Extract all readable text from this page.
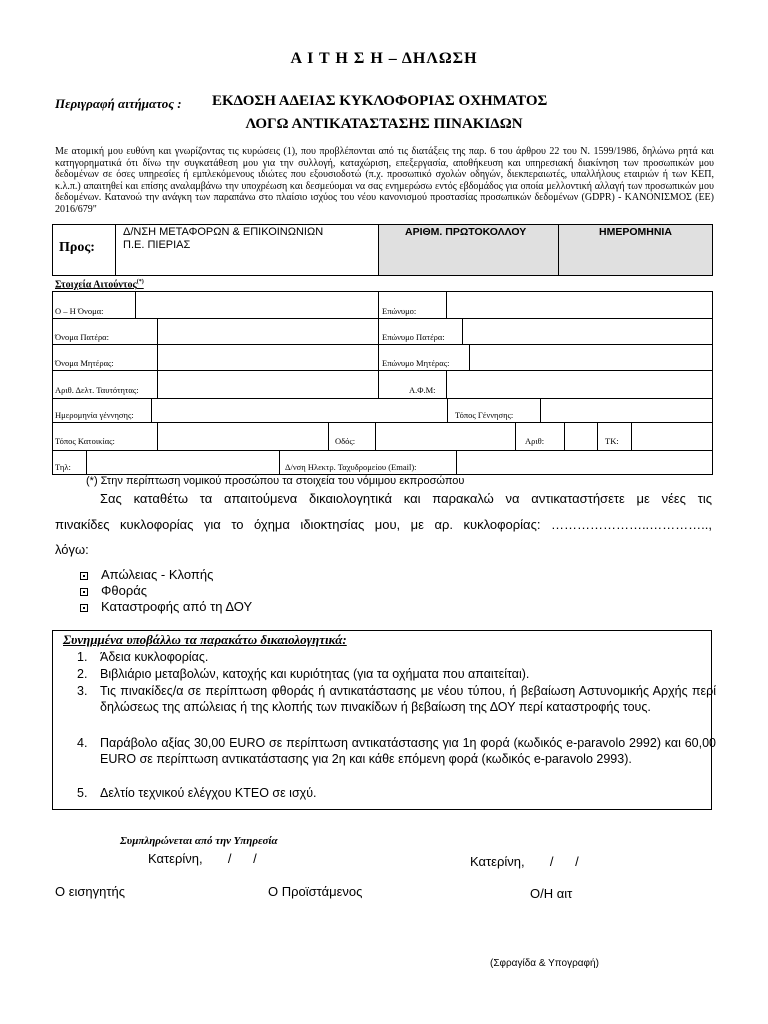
Α Ι Τ Η Σ Η – ΔΗΛΩΣΗ
Περιγραφή αιτήματος : ΕΚΔΟΣΗ ΑΔΕΙΑΣ ΚΥΚΛΟΦΟΡΙΑΣ ΟΧΗΜΑΤΟΣ
ΛΟΓΩ ΑΝΤΙΚΑΤΑΣΤΑΣΗΣ ΠΙΝΑΚΙΔΩΝ
Με ατομική μου ευθύνη και γνωρίζοντας τις κυρώσεις (1), που προβλέπονται από τις διατάξεις της παρ. 6 του άρθρου 22 του Ν. 1599/1986, δηλώνω ρητά και κατηγορηματικά ότι δίνω την συγκατάθεση μου για την συλλογή, καταχώριση, επεξεργασία, αποθήκευση και υπηρεσιακή διακίνηση των προσωπικών μου δεδομένων σε όσες υπηρεσίες ή εμπλεκόμενους ιδιώτες που εξουσιοδοτώ (π.χ. προσωπικό σχολών οδηγών, διεκπεραιωτές, υπαλλήλους εταιριών ή των ΚΕΠ, κ.λ.π.) απαιτηθεί και επίσης αναλαμβάνω την υποχρέωση και δεσμεύομαι να σας ενημερώσω εντός εβδομάδος για οποία μελλοντική αλλαγή των προσωπικών μου δεδομένων. Κατανοώ την ανάγκη των παραπάνω στο πλαίσιο ισχύος του νέου κανονισμού προστασίας προσωπικών δεδομένων (GDPR) - ΚΑΝΟΝΙΣΜΟΣ (ΕΕ) 2016/679"
Προς:
Δ/ΝΣΗ ΜΕΤΑΦΟΡΩΝ & ΕΠΙΚΟΙΝΩΝΙΩΝ
Π.Ε. ΠΙΕΡΙΑΣ
ΑΡΙΘΜ. ΠΡΩΤΟΚΟΛΛΟΥ	ΗΜΕΡΟΜΗΝΙΑ
Στοιχεία Αιτούντος(*)
Ο – Η Όνομα:	Επώνυμο:
Όνομα Πατέρα:	Επώνυμο Πατέρα:
Όνομα Μητέρας:	Επώνυμο Μητέρας:
Αριθ. Δελτ. Ταυτότητας:	Α.Φ.Μ:
Ημερομηνία γέννησης:	Τόπος Γέννησης:
Τόπος Κατοικίας:	Οδός:	Αριθ:	ΤΚ:
Τηλ:	Δ/νση Ηλεκτρ. Ταχυδρομείου (Email):
(*) Στην περίπτωση νομικού προσώπου τα στοιχεία του νόμιμου εκπροσώπου
Σας καταθέτω τα απαιτούμενα δικαιολογητικά και παρακαλώ να αντικαταστήσετε με νέες τις
πινακίδες κυκλοφορίας για το όχημα ιδιοκτησίας μου, με αρ. κυκλοφορίας: …………………..…………..,
λόγω:
Απώλειας - Κλοπής
Φθοράς
Καταστροφής από τη ΔΟΥ
Συνημμένα υποβάλλω τα παρακάτω δικαιολογητικά:
1. Άδεια κυκλοφορίας.
2. Βιβλιάριο μεταβολών, κατοχής και κυριότητας (για τα οχήματα που απαιτείται).
3. Τις πινακίδες/α σε περίπτωση φθοράς ή αντικατάστασης με νέου τύπου, ή βεβαίωση Αστυνομικής Αρχής περί δηλώσεως της απώλειας ή της κλοπής των πινακίδων ή βεβαίωση της ΔΟΥ περί καταστροφής τους.
4. Παράβολο αξίας 30,00 EURO σε περίπτωση αντικατάστασης για 1η φορά (κωδικός e-paravolo 2992) και 60,00 EURO σε περίπτωση αντικατάστασης για 2η και κάθε επόμενη φορά (κωδικός e-paravolo 2993).
5. Δελτίο τεχνικού ελέγχου ΚΤΕΟ σε ισχύ.
Συμπληρώνεται από την Υπηρεσία
Κατερίνη,       /      /	Κατερίνη,       /      /
Ο εισηγητής	Ο Προϊστάμενος	Ο/Η αιτ
(Σφραγίδα & Υπογραφή)
